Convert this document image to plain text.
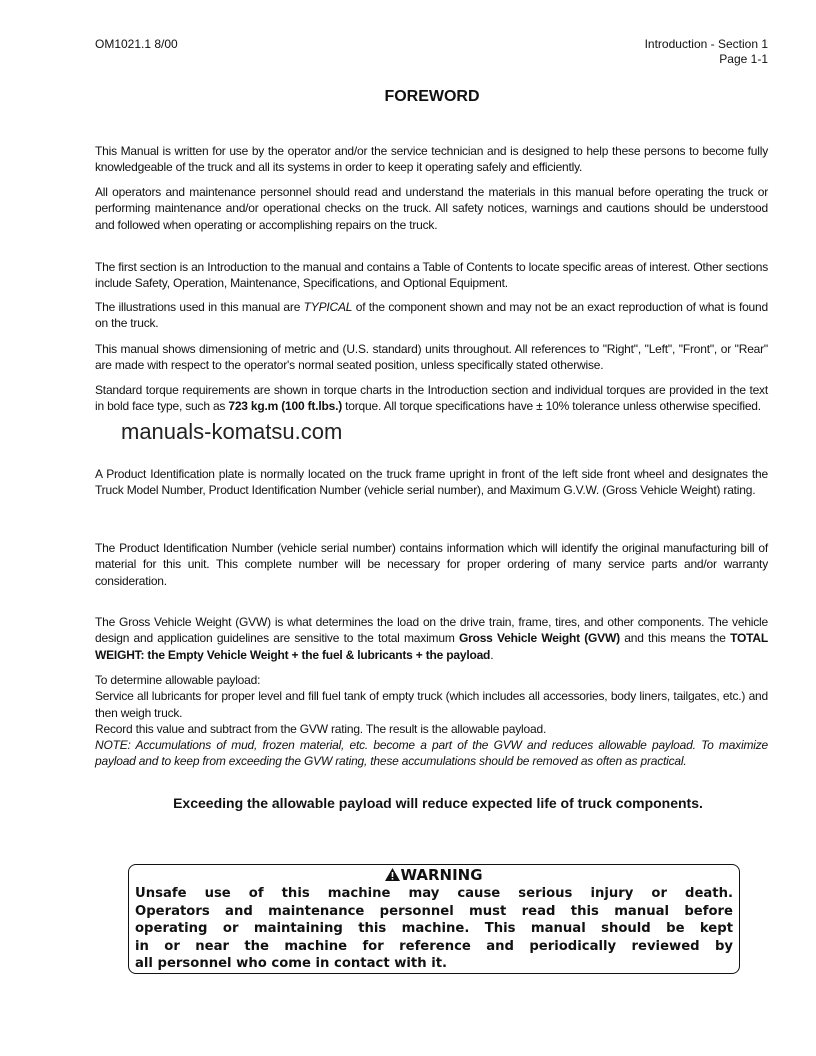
OM1021.1 8/00	Introduction - Section 1
Page 1-1
FOREWORD
This Manual is written for use by the operator and/or the service technician and is designed to help these persons to become fully knowledgeable of the truck and all its systems in order to keep it operating safely and efficiently.
All operators and maintenance personnel should read and understand the materials in this manual before operating the truck or performing maintenance and/or operational checks on the truck. All safety notices, warnings and cautions should be understood and followed when operating or accomplishing repairs on the truck.
The first section is an Introduction to the manual and contains a Table of Contents to locate specific areas of interest. Other sections include Safety, Operation, Maintenance, Specifications, and Optional Equipment.
The illustrations used in this manual are TYPICAL of the component shown and may not be an exact reproduction of what is found on the truck.
This manual shows dimensioning of metric and (U.S. standard) units throughout. All references to "Right", "Left", "Front", or "Rear" are made with respect to the operator's normal seated position, unless specifically stated otherwise.
Standard torque requirements are shown in torque charts in the Introduction section and individual torques are provided in the text in bold face type, such as 723 kg.m (100 ft.lbs.) torque. All torque specifications have ± 10% tolerance unless otherwise specified.
manuals-komatsu.com
A Product Identification plate is normally located on the truck frame upright in front of the left side front wheel and designates the Truck Model Number, Product Identification Number (vehicle serial number), and Maximum G.V.W. (Gross Vehicle Weight) rating.
The Product Identification Number (vehicle serial number) contains information which will identify the original manufacturing bill of material for this unit. This complete number will be necessary for proper ordering of many service parts and/or warranty consideration.
The Gross Vehicle Weight (GVW) is what determines the load on the drive train, frame, tires, and other components. The vehicle design and application guidelines are sensitive to the total maximum Gross Vehicle Weight (GVW) and this means the TOTAL WEIGHT: the Empty Vehicle Weight + the fuel & lubricants + the payload.
To determine allowable payload:
Service all lubricants for proper level and fill fuel tank of empty truck (which includes all accessories, body liners, tailgates, etc.) and then weigh truck.
Record this value and subtract from the GVW rating. The result is the allowable payload.
NOTE: Accumulations of mud, frozen material, etc. become a part of the GVW and reduces allowable payload. To maximize payload and to keep from exceeding the GVW rating, these accumulations should be removed as often as practical.
Exceeding the allowable payload will reduce expected life of truck components.
WARNING
Unsafe use of this machine may cause serious injury or death.
Operators and maintenance personnel must read this manual before
operating or maintaining this machine. This manual should be kept
in or near the machine for reference and periodically reviewed by
all personnel who come in contact with it.
